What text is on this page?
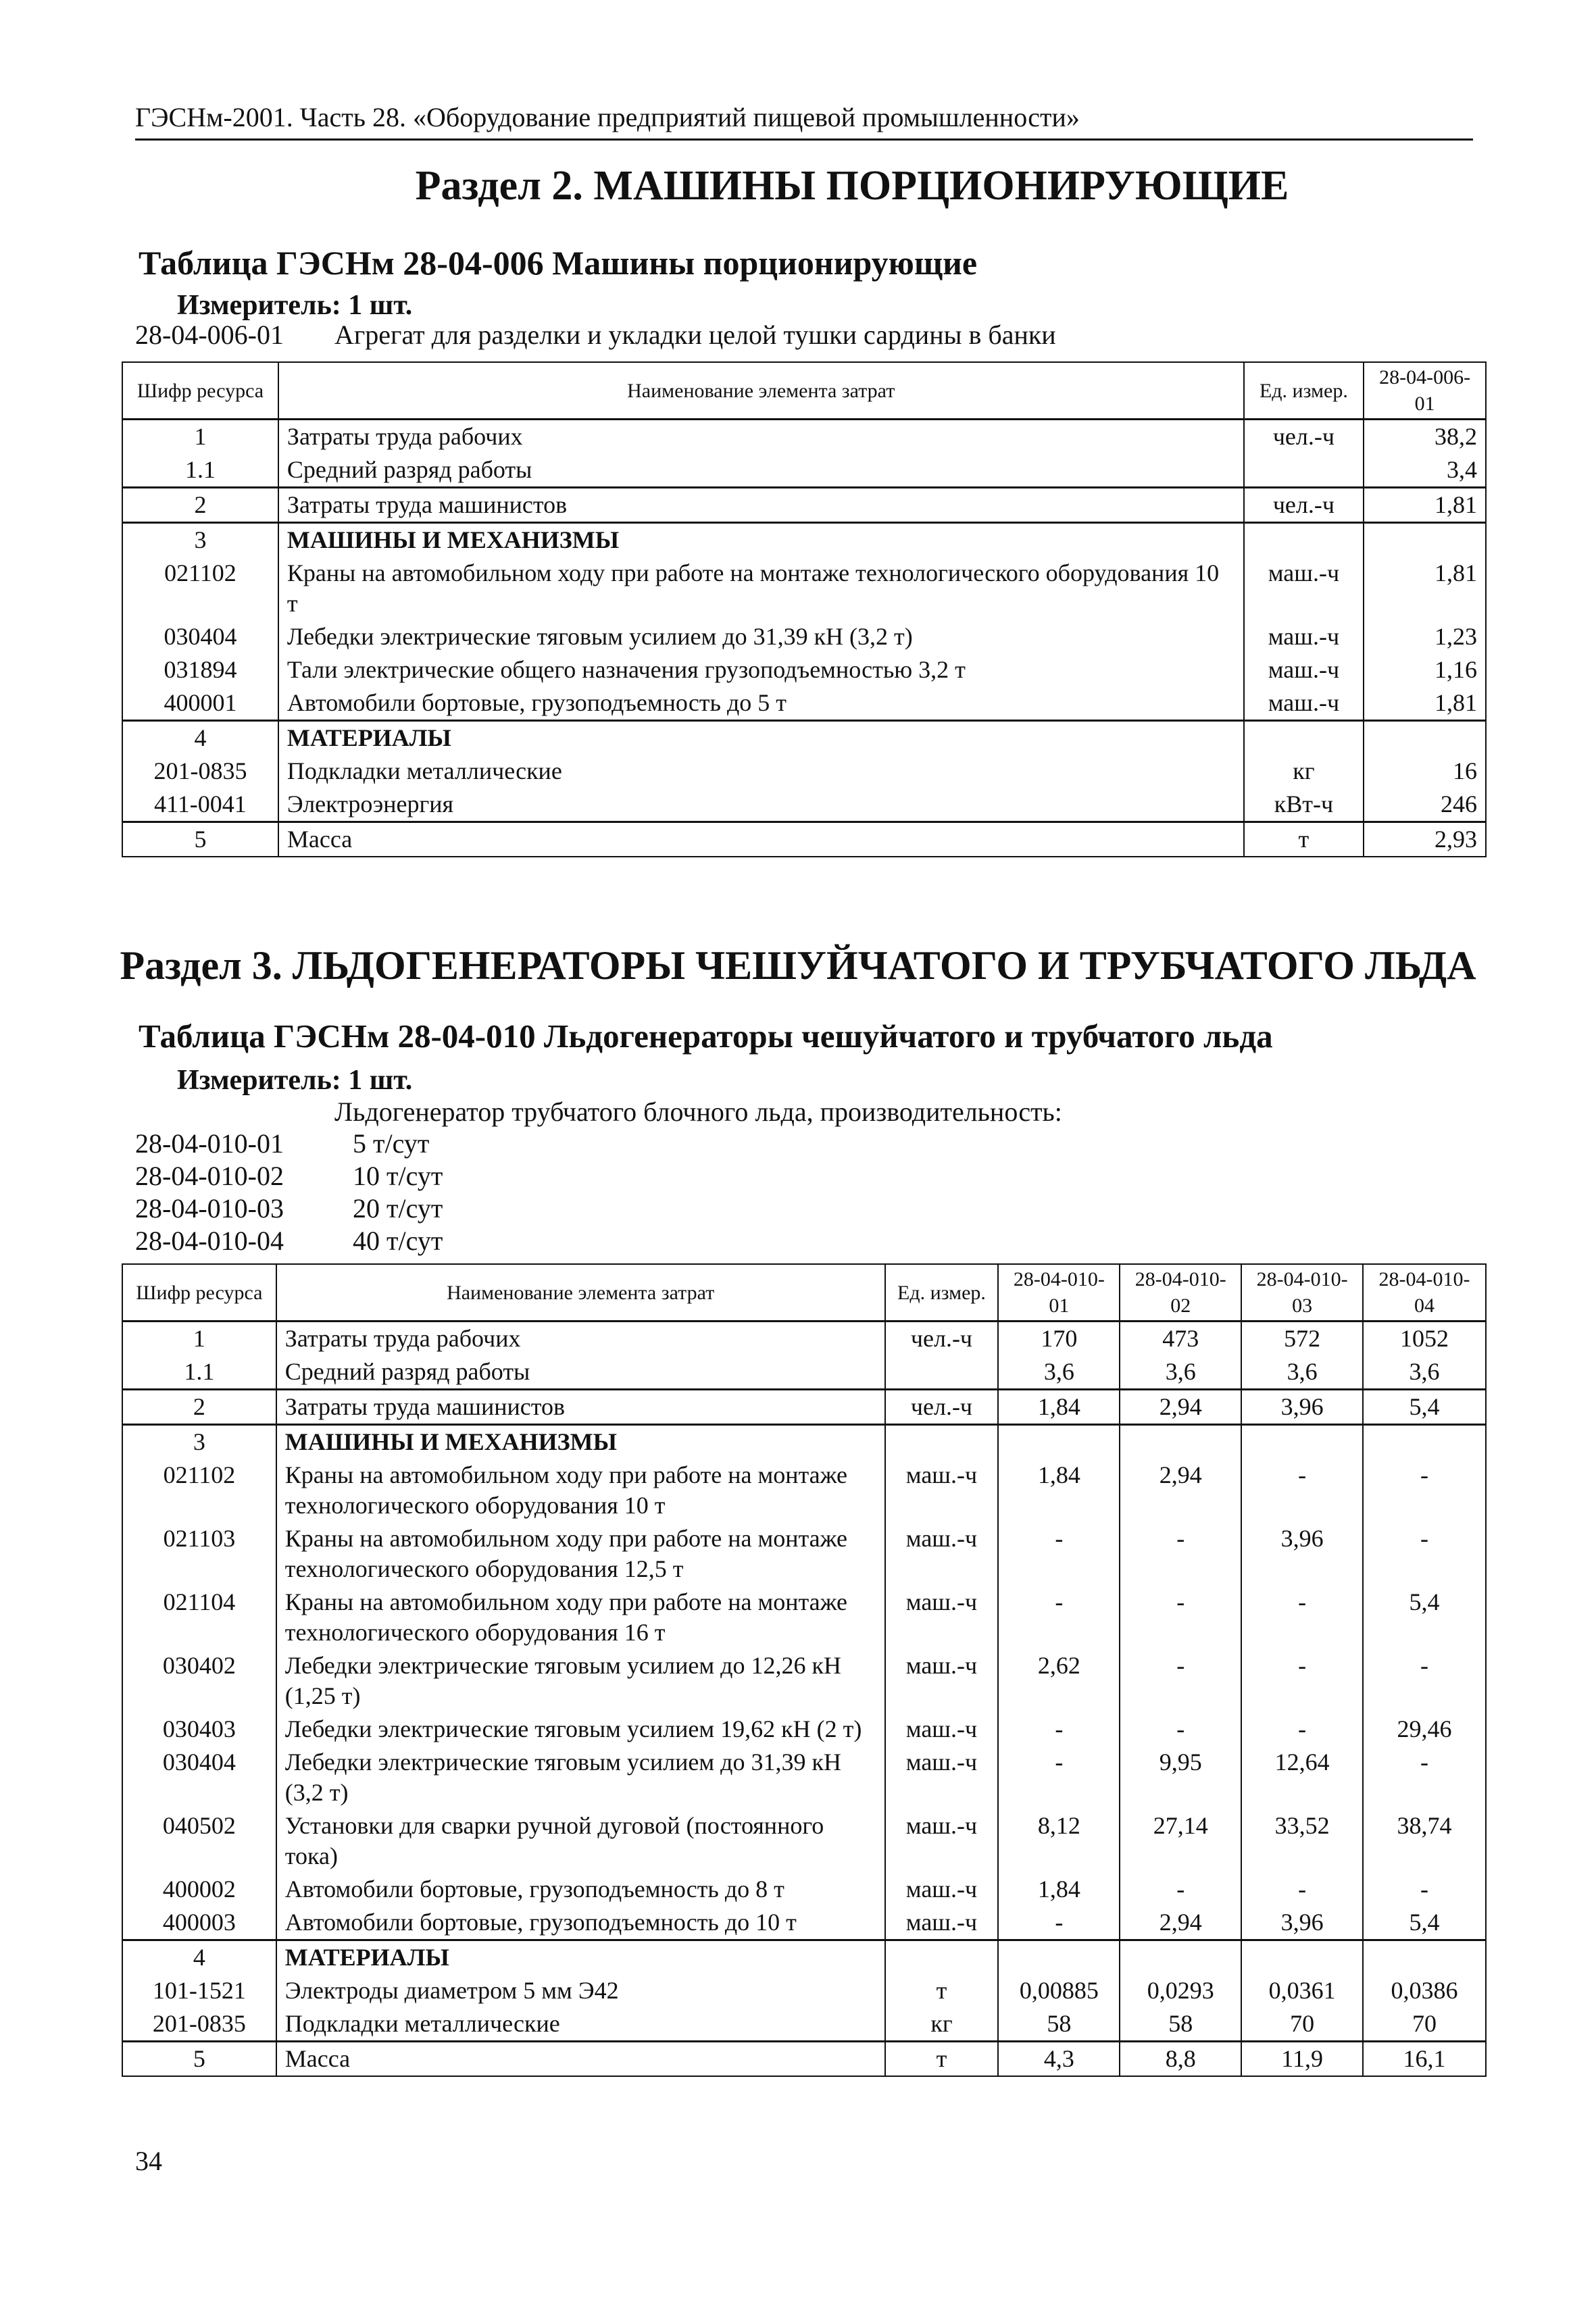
ГЭСНм-2001. Часть 28. «Оборудование предприятий пищевой промышленности»
Раздел 2. МАШИНЫ ПОРЦИОНИРУЮЩИЕ
Таблица ГЭСНм 28-04-006 Машины порционирующие
Измеритель: 1 шт.
28-04-006-01 Агрегат для разделки и укладки целой тушки сардины в банки
Шифр ресурса	Наименование элемента затрат	Ед. измер.	28-04-006-01
1	Затраты труда рабочих	чел.-ч	38,2
1.1	Средний разряд работы		3,4
2	Затраты труда машинистов	чел.-ч	1,81
3	МАШИНЫ И МЕХАНИЗМЫ		
021102	Краны на автомобильном ходу при работе на монтаже технологического оборудования 10 т	маш.-ч	1,81
030404	Лебедки электрические тяговым усилием до 31,39 кН (3,2 т)	маш.-ч	1,23
031894	Тали электрические общего назначения грузоподъемностью 3,2 т	маш.-ч	1,16
400001	Автомобили бортовые, грузоподъемность до 5 т	маш.-ч	1,81
4	МАТЕРИАЛЫ		
201-0835	Подкладки металлические	кг	16
411-0041	Электроэнергия	кВт-ч	246
5	Масса	т	2,93
Раздел 3. ЛЬДОГЕНЕРАТОРЫ ЧЕШУЙЧАТОГО И ТРУБЧАТОГО ЛЬДА
Таблица ГЭСНм 28-04-010 Льдогенераторы чешуйчатого и трубчатого льда
Измеритель: 1 шт.
Льдогенератор трубчатого блочного льда, производительность:
28-04-010-01	5 т/сут
28-04-010-02	10 т/сут
28-04-010-03	20 т/сут
28-04-010-04	40 т/сут
Шифр ресурса	Наименование элемента затрат	Ед. измер.	28-04-010-01	28-04-010-02	28-04-010-03	28-04-010-04
1	Затраты труда рабочих	чел.-ч	170	473	572	1052
1.1	Средний разряд работы		3,6	3,6	3,6	3,6
2	Затраты труда машинистов	чел.-ч	1,84	2,94	3,96	5,4
3	МАШИНЫ И МЕХАНИЗМЫ					
021102	Краны на автомобильном ходу при работе на монтаже технологического оборудования 10 т	маш.-ч	1,84	2,94	-	-
021103	Краны на автомобильном ходу при работе на монтаже технологического оборудования 12,5 т	маш.-ч	-	-	3,96	-
021104	Краны на автомобильном ходу при работе на монтаже технологического оборудования 16 т	маш.-ч	-	-	-	5,4
030402	Лебедки электрические тяговым усилием до 12,26 кН (1,25 т)	маш.-ч	2,62	-	-	-
030403	Лебедки электрические тяговым усилием 19,62 кН (2 т)	маш.-ч	-	-	-	29,46
030404	Лебедки электрические тяговым усилием до 31,39 кН (3,2 т)	маш.-ч	-	9,95	12,64	-
040502	Установки для сварки ручной дуговой (постоянного тока)	маш.-ч	8,12	27,14	33,52	38,74
400002	Автомобили бортовые, грузоподъемность до 8 т	маш.-ч	1,84	-	-	-
400003	Автомобили бортовые, грузоподъемность до 10 т	маш.-ч	-	2,94	3,96	5,4
4	МАТЕРИАЛЫ					
101-1521	Электроды диаметром 5 мм Э42	т	0,00885	0,0293	0,0361	0,0386
201-0835	Подкладки металлические	кг	58	58	70	70
5	Масса	т	4,3	8,8	11,9	16,1
34
